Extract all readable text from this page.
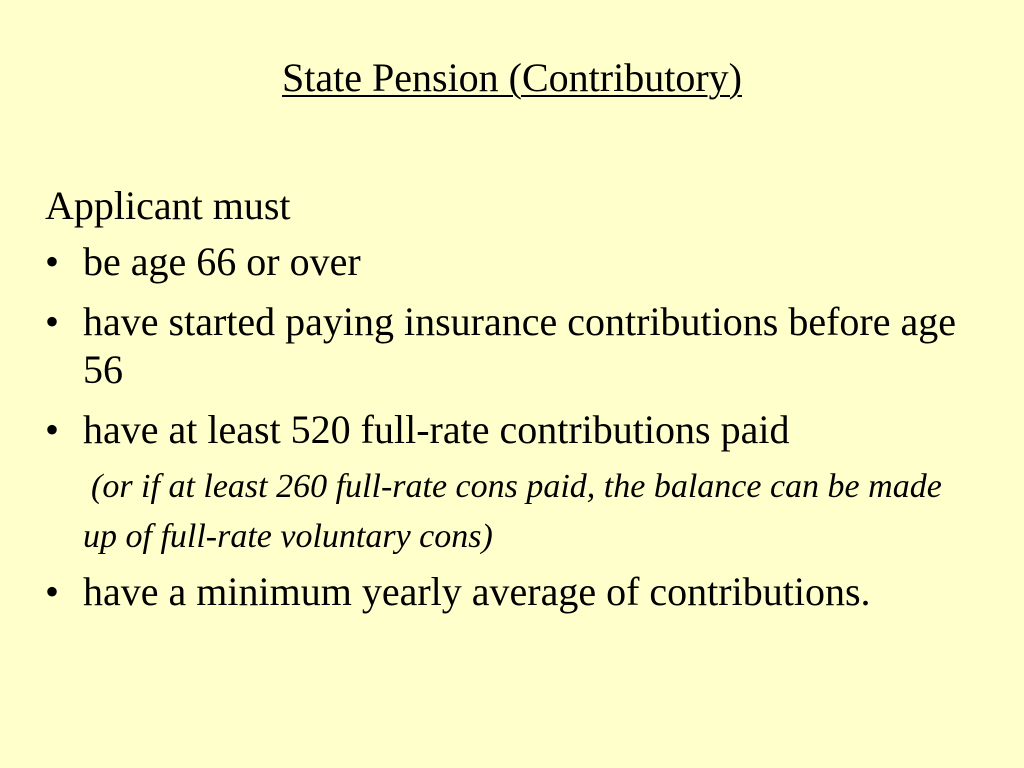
State Pension (Contributory)

Applicant must

• be age 66 or over
• have started paying insurance contributions before age 56
• have at least 520 full-rate contributions paid
(or if at least 260 full-rate cons paid, the balance can be made up of full-rate voluntary cons)
• have a minimum yearly average of contributions.
